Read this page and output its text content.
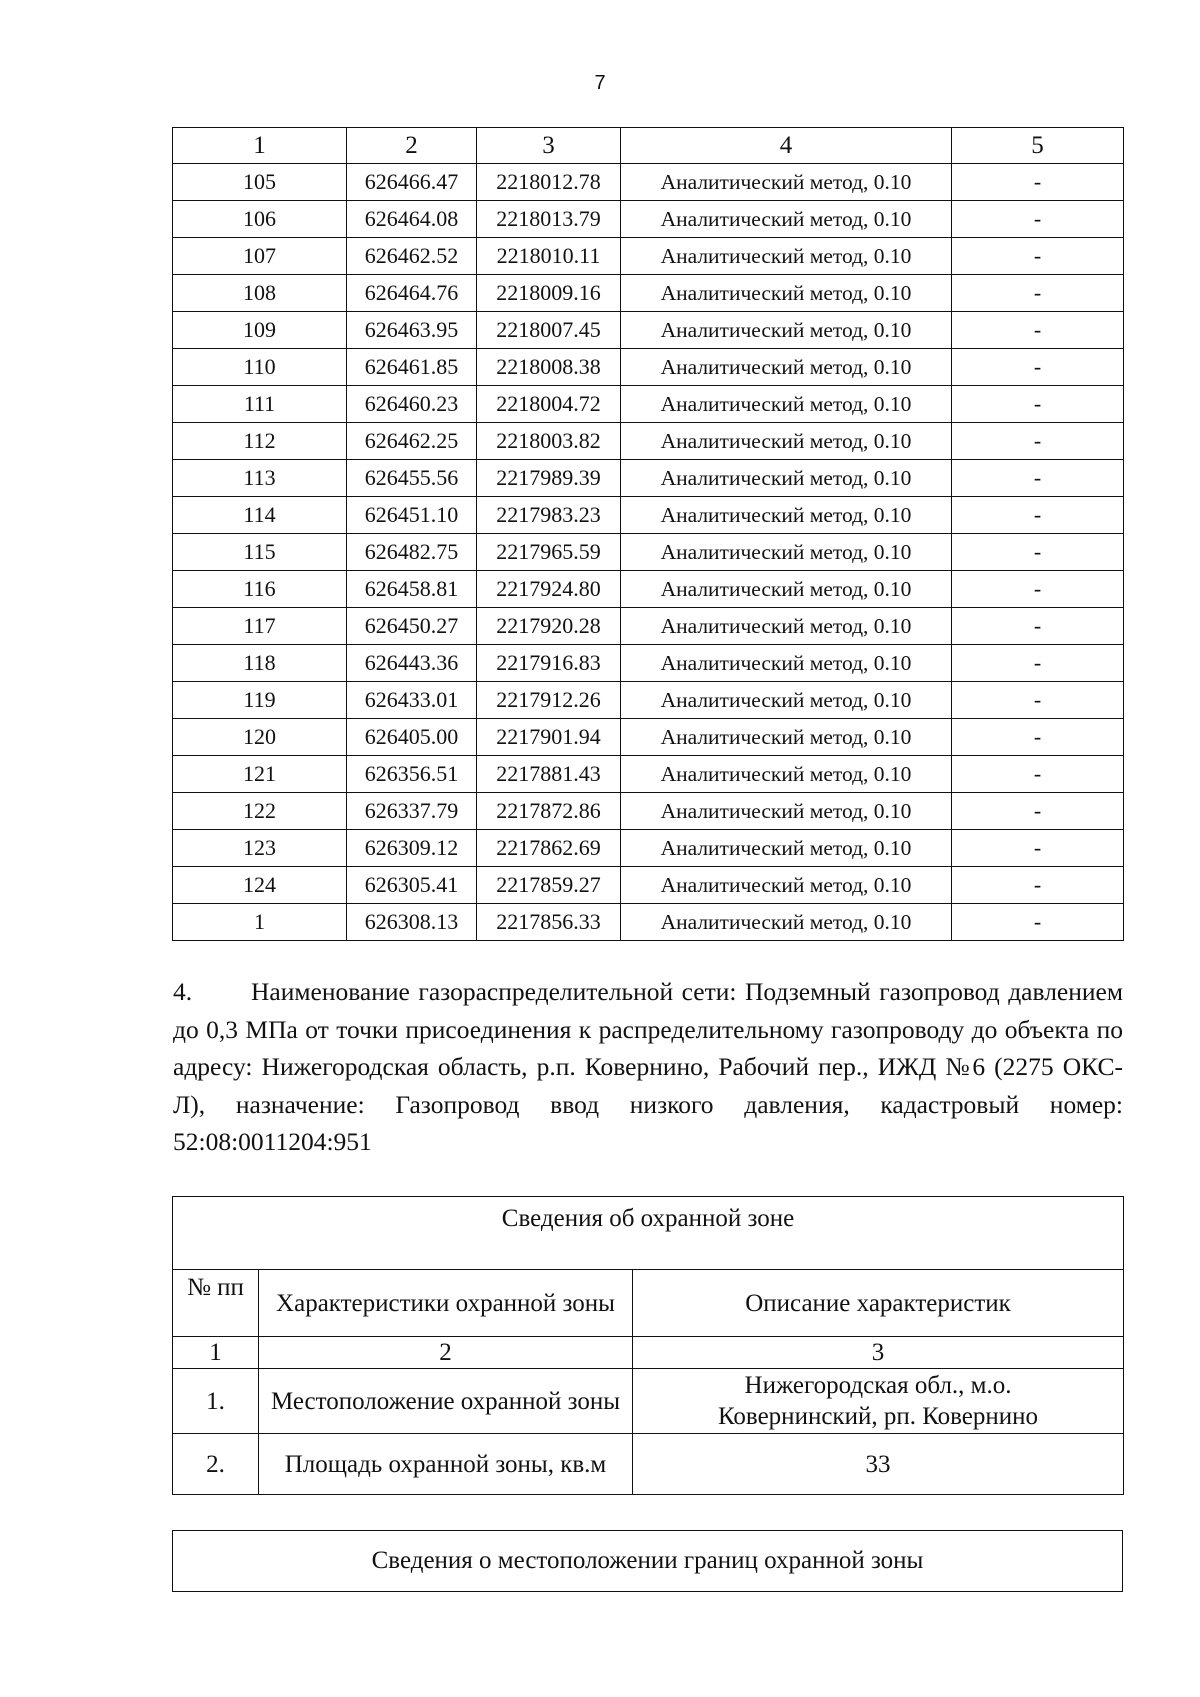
7
1	2	3	4	5
105	626466.47	2218012.78	Аналитический метод, 0.10	-
106	626464.08	2218013.79	Аналитический метод, 0.10	-
107	626462.52	2218010.11	Аналитический метод, 0.10	-
108	626464.76	2218009.16	Аналитический метод, 0.10	-
109	626463.95	2218007.45	Аналитический метод, 0.10	-
110	626461.85	2218008.38	Аналитический метод, 0.10	-
111	626460.23	2218004.72	Аналитический метод, 0.10	-
112	626462.25	2218003.82	Аналитический метод, 0.10	-
113	626455.56	2217989.39	Аналитический метод, 0.10	-
114	626451.10	2217983.23	Аналитический метод, 0.10	-
115	626482.75	2217965.59	Аналитический метод, 0.10	-
116	626458.81	2217924.80	Аналитический метод, 0.10	-
117	626450.27	2217920.28	Аналитический метод, 0.10	-
118	626443.36	2217916.83	Аналитический метод, 0.10	-
119	626433.01	2217912.26	Аналитический метод, 0.10	-
120	626405.00	2217901.94	Аналитический метод, 0.10	-
121	626356.51	2217881.43	Аналитический метод, 0.10	-
122	626337.79	2217872.86	Аналитический метод, 0.10	-
123	626309.12	2217862.69	Аналитический метод, 0.10	-
124	626305.41	2217859.27	Аналитический метод, 0.10	-
1	626308.13	2217856.33	Аналитический метод, 0.10	-
4. Наименование газораспределительной сети: Подземный газопровод давлением до 0,3 МПа от точки присоединения к распределительному газопроводу до объекта по адресу: Нижегородская область, р.п. Ковернино, Рабочий пер., ИЖД №6 (2275 ОКС-Л), назначение: Газопровод ввод низкого давления, кадастровый номер: 52:08:0011204:951
Сведения об охранной зоне		
№ пп	Характеристики охранной зоны	Описание характеристик
1	2	3
1.	Местоположение охранной зоны	Нижегородская обл., м.о. Ковернинский, рп. Ковернино
2.	Площадь охранной зоны, кв.м	33
Сведения о местоположении границ охранной зоны
